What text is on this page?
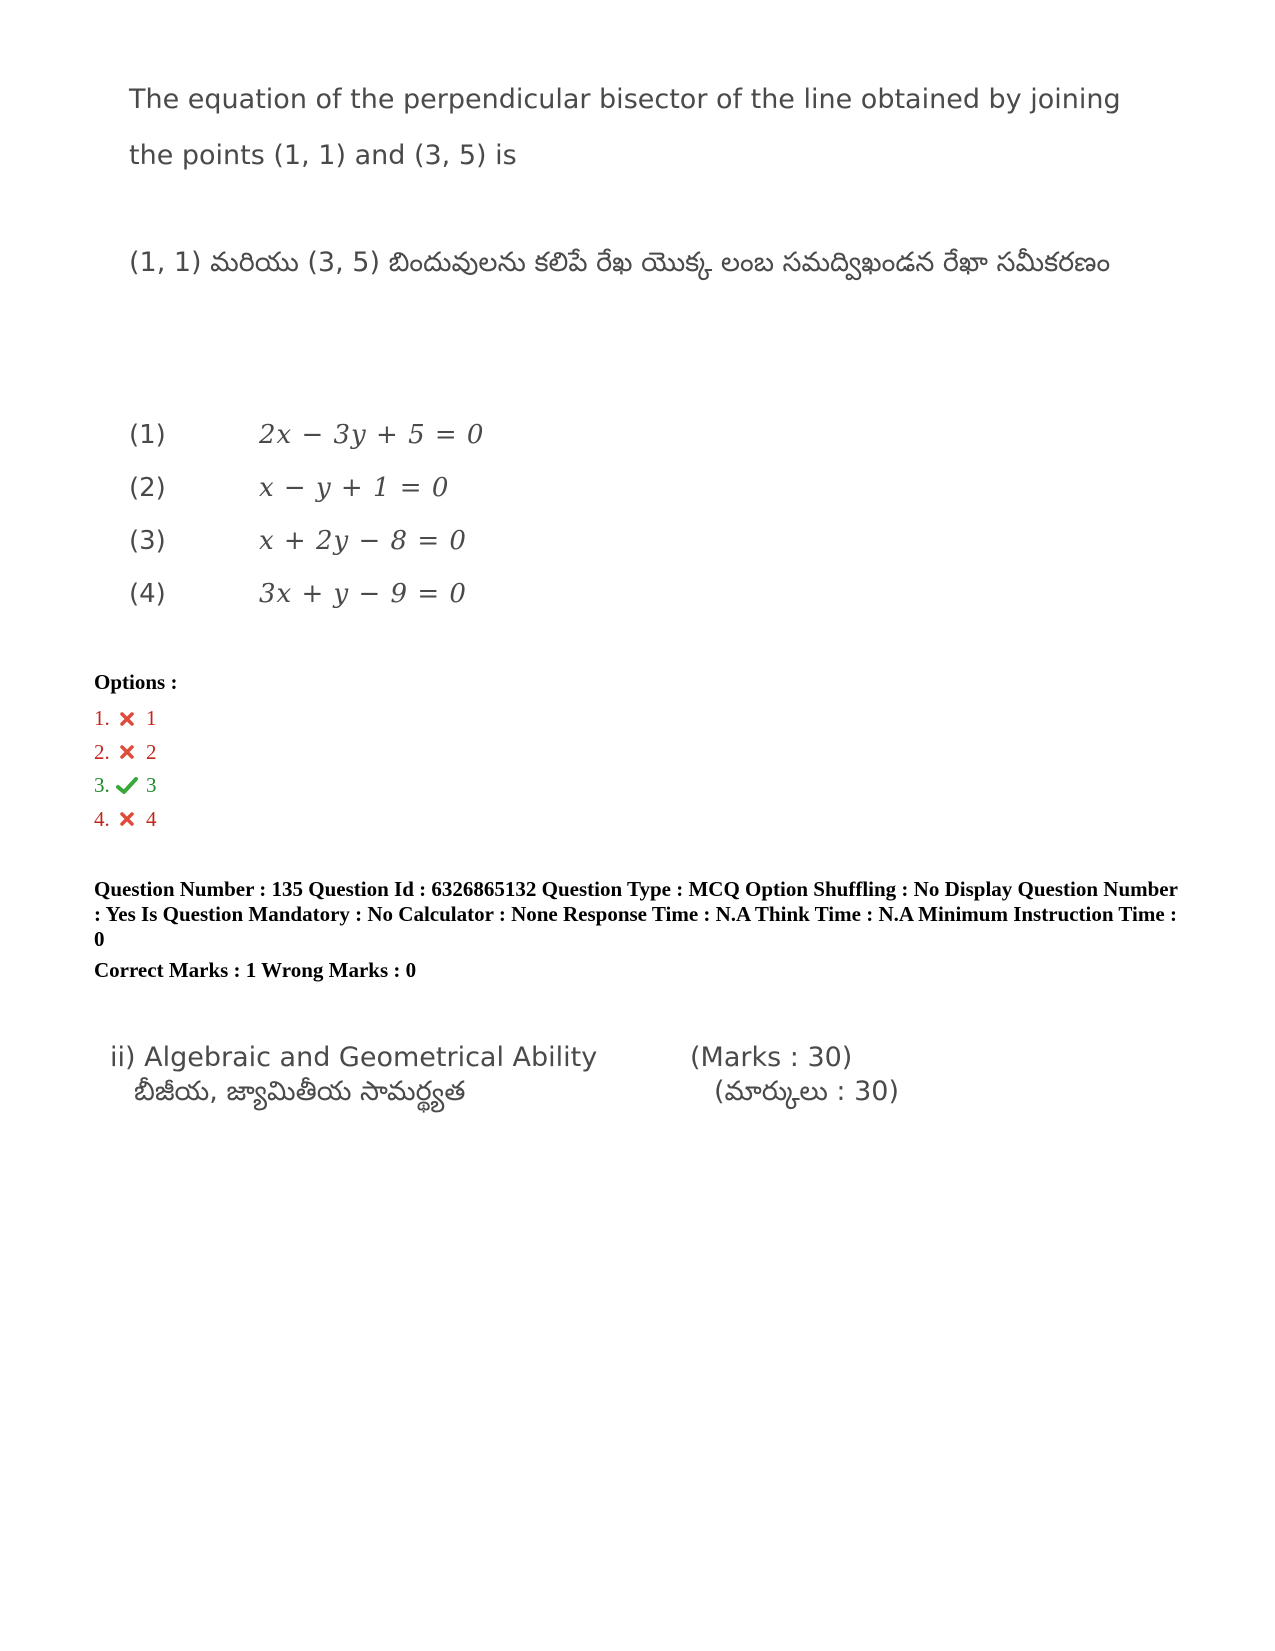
The equation of the perpendicular bisector of the line obtained by joining the points (1, 1) and (3, 5) is
(1, 1) మరియు (3, 5) బిందువులను కలిపే రేఖ యొక్క లంబ సమద్విఖండన రేఖా సమీకరణం
(1)	2x − 3y + 5 = 0
(2)	x − y + 1 = 0
(3)	x + 2y − 8 = 0
(4)	3x + y − 9 = 0
Options :
1. 1
2. 2
3. 3
4. 4
Question Number : 135 Question Id : 6326865132 Question Type : MCQ Option Shuffling : No Display Question Number : Yes Is Question Mandatory : No Calculator : None Response Time : N.A Think Time : N.A Minimum Instruction Time : 0
Correct Marks : 1 Wrong Marks : 0
ii) Algebraic and Geometrical Ability	(Marks : 30)
బీజీయ, జ్యామితీయ సామర్థ్యత	(మార్కులు : 30)
